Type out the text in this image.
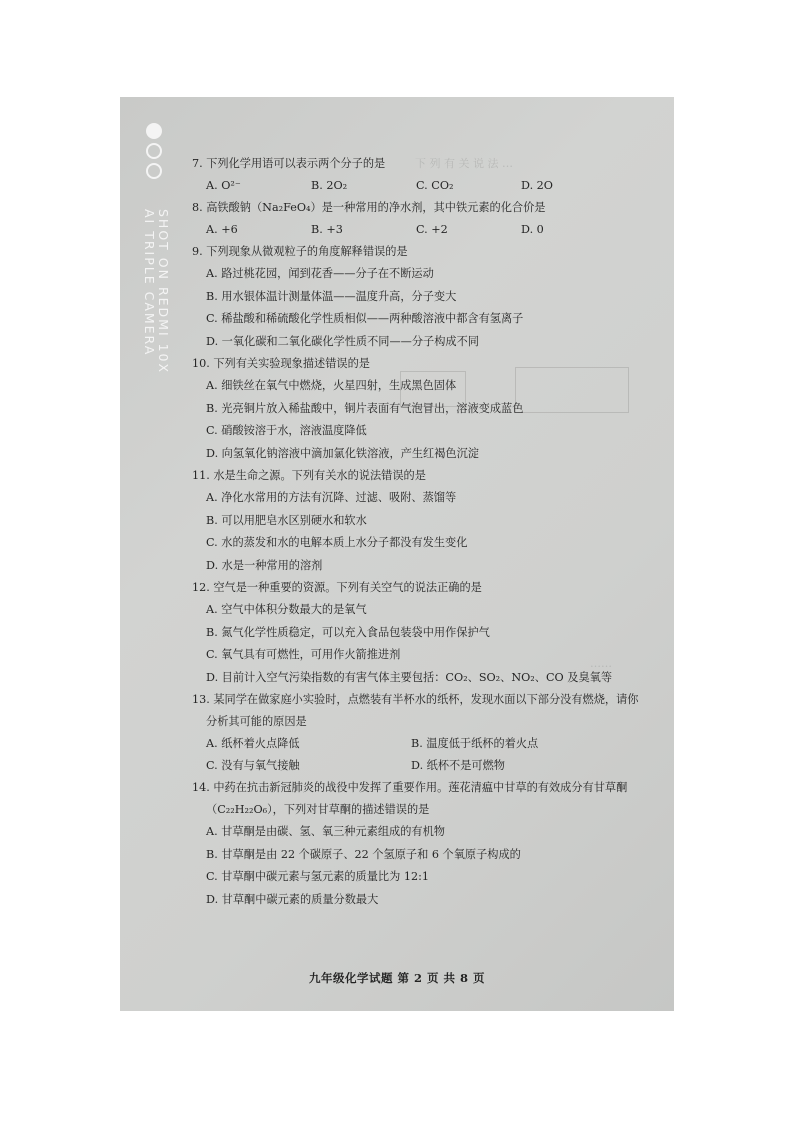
下 列 有 关 说 法 …
……
SHOT ON REDMI 10X
AI TRIPLE CAMERA

7. 下列化学用语可以表示两个分子的是

A. O²⁻	B. 2O₂	C. CO₂	D. 2O

8. 高铁酸钠（Na₂FeO₄）是一种常用的净水剂，其中铁元素的化合价是

A. +6	B. +3	C. +2	D. 0

9. 下列现象从微观粒子的角度解释错误的是

A. 路过桃花园，闻到花香——分子在不断运动
B. 用水银体温计测量体温——温度升高，分子变大
C. 稀盐酸和稀硫酸化学性质相似——两种酸溶液中都含有氢离子
D. 一氧化碳和二氧化碳化学性质不同——分子构成不同

10. 下列有关实验现象描述错误的是

A. 细铁丝在氧气中燃烧，火星四射，生成黑色固体
B. 光亮铜片放入稀盐酸中，铜片表面有气泡冒出，溶液变成蓝色
C. 硝酸铵溶于水，溶液温度降低
D. 向氢氧化钠溶液中滴加氯化铁溶液，产生红褐色沉淀

11. 水是生命之源。下列有关水的说法错误的是

A. 净化水常用的方法有沉降、过滤、吸附、蒸馏等
B. 可以用肥皂水区别硬水和软水
C. 水的蒸发和水的电解本质上水分子都没有发生变化
D. 水是一种常用的溶剂

12. 空气是一种重要的资源。下列有关空气的说法正确的是

A. 空气中体积分数最大的是氧气
B. 氮气化学性质稳定，可以充入食品包装袋中用作保护气
C. 氧气具有可燃性，可用作火箭推进剂
D. 目前计入空气污染指数的有害气体主要包括：CO₂、SO₂、NO₂、CO 及臭氧等

13. 某同学在做家庭小实验时，点燃装有半杯水的纸杯，发现水面以下部分没有燃烧，请你

分析其可能的原因是

A. 纸杯着火点降低	B. 温度低于纸杯的着火点
C. 没有与氧气接触	D. 纸杯不是可燃物

14. 中药在抗击新冠肺炎的战役中发挥了重要作用。莲花清瘟中甘草的有效成分有甘草酮

（C₂₂H₂₂O₆），下列对甘草酮的描述错误的是

A. 甘草酮是由碳、氢、氧三种元素组成的有机物
B. 甘草酮是由 22 个碳原子、22 个氢原子和 6 个氧原子构成的
C. 甘草酮中碳元素与氢元素的质量比为 12:1
D. 甘草酮中碳元素的质量分数最大
九年级化学试题 第 2 页 共 8 页
